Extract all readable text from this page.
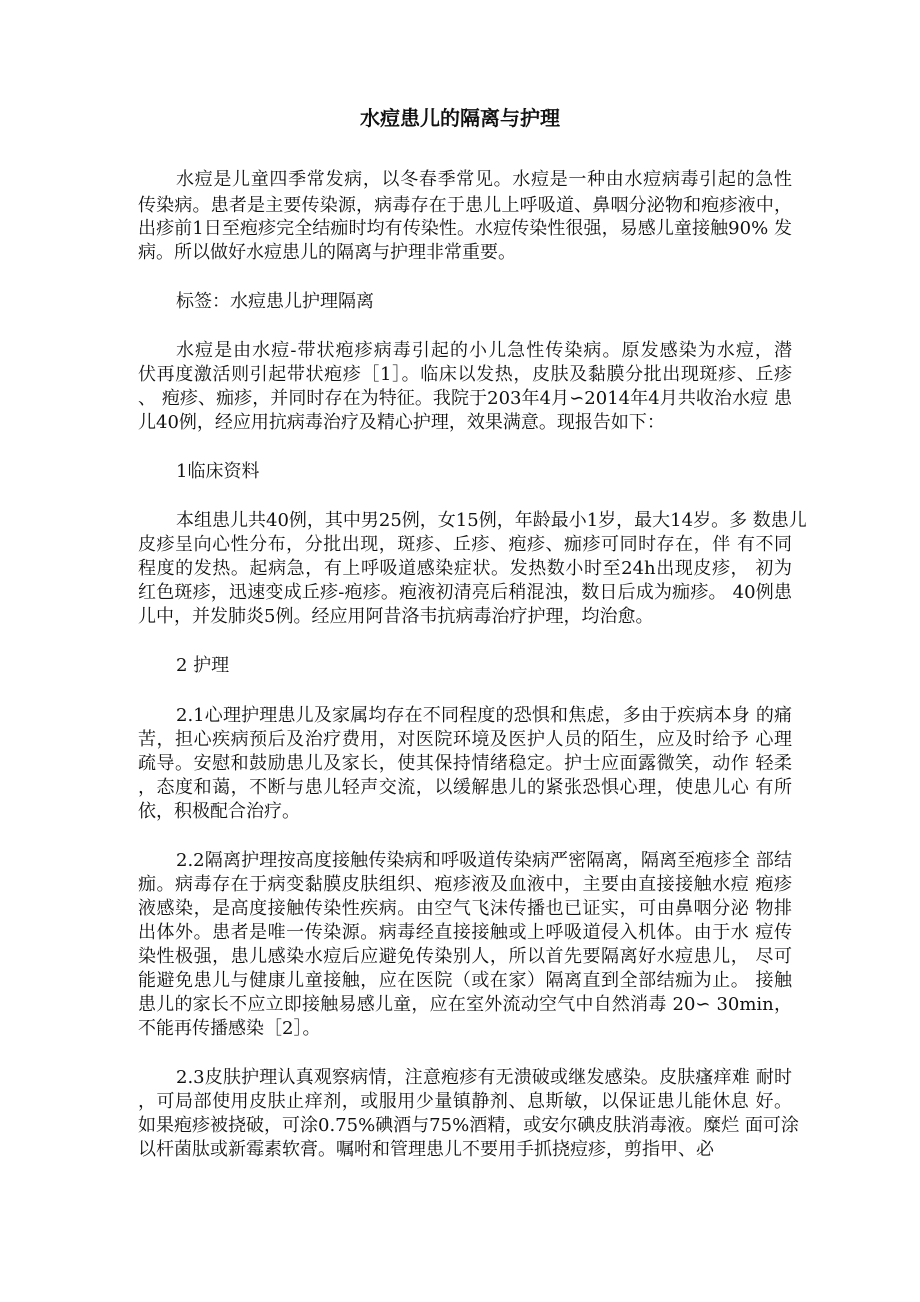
水痘患儿的隔离与护理
水痘是儿童四季常发病，以冬春季常见。水痘是一种由水痘病毒引起的急性
传染病。患者是主要传染源，病毒存在于患儿上呼吸道、鼻咽分泌物和疱疹液中，
出疹前1日至疱疹完全结痂时均有传染性。水痘传染性很强，易感儿童接触90% 发
病。所以做好水痘患儿的隔离与护理非常重要。
标签：水痘患儿护理隔离
水痘是由水痘-带状疱疹病毒引起的小儿急性传染病。原发感染为水痘，潜
伏再度激活则引起带状疱疹［1］。临床以发热，皮肤及黏膜分批出现斑疹、丘疹
、 疱疹、痂疹，并同时存在为特征。我院于203年4月∽2014年4月共收治水痘 患
儿40例，经应用抗病毒治疗及精心护理，效果满意。现报告如下：
1临床资料
本组患儿共40例，其中男25例，女15例，年龄最小1岁，最大14岁。多 数患儿
皮疹呈向心性分布，分批出现，斑疹、丘疹、疱疹、痂疹可同时存在，伴 有不同
程度的发热。起病急，有上呼吸道感染症状。发热数小时至24h出现皮疹， 初为
红色斑疹，迅速变成丘疹-疱疹。疱液初清亮后稍混浊，数日后成为痂疹。 40例患
儿中，并发肺炎5例。经应用阿昔洛韦抗病毒治疗护理，均治愈。
2 护理
2.1心理护理患儿及家属均存在不同程度的恐惧和焦虑，多由于疾病本身 的痛
苦，担心疾病预后及治疗费用，对医院环境及医护人员的陌生，应及时给予 心理
疏导。安慰和鼓励患儿及家长，使其保持情绪稳定。护士应面露微笑，动作 轻柔
，态度和蔼，不断与患儿轻声交流，以缓解患儿的紧张恐惧心理，使患儿心 有所
依，积极配合治疗。
2.2隔离护理按高度接触传染病和呼吸道传染病严密隔离，隔离至疱疹全 部结
痂。病毒存在于病变黏膜皮肤组织、疱疹液及血液中，主要由直接接触水痘 疱疹
液感染，是高度接触传染性疾病。由空气飞沫传播也已证实，可由鼻咽分泌 物排
出体外。患者是唯一传染源。病毒经直接接触或上呼吸道侵入机体。由于水 痘传
染性极强，患儿感染水痘后应避免传染别人，所以首先要隔离好水痘患儿， 尽可
能避免患儿与健康儿童接触，应在医院（或在家）隔离直到全部结痂为止。 接触
患儿的家长不应立即接触易感儿童，应在室外流动空气中自然消毒 20∽ 30min，
不能再传播感染［2］。
2.3皮肤护理认真观察病情，注意疱疹有无溃破或继发感染。皮肤瘙痒难 耐时
，可局部使用皮肤止痒剂，或服用少量镇静剂、息斯敏，以保证患儿能休息 好。
如果疱疹被挠破，可涂0.75%碘酒与75%酒精，或安尔碘皮肤消毒液。糜烂 面可涂
以杆菌肽或新霉素软膏。嘱咐和管理患儿不要用手抓挠痘疹，剪指甲、必
